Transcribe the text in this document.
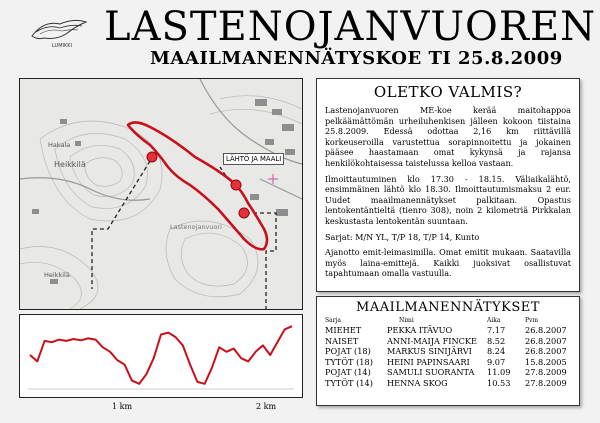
LUMIKKI LASTENOJANVUOREN
MAAILMANENNÄTYSKOE TI 25.8.2009
Hakala
Heikkilä
Lastenojanvuori
Heikkilä
LÄHTÖ JA MAALI
OLETKO VALMIS?

Lastenojanvuoren ME-koe kerää maitohappoa pelkäämättömän urheiluhenkisen jälleen kokoon tiistaina 25.8.2009. Edessä odottaa 2,16 km riittävillä korkeuseroilla varustettua sorapinnoitettu ja jokainen pääsee haastamaan omat kykynsä ja rajansa henkilökohtaisessa taistelussa kelloa vastaan.

Ilmoittautuminen klo 17.30 - 18.15. Väliaikalähtö, ensimmäinen lähtö klo 18.30. Ilmoittautumismaksu 2 eur. Uudet maailmanennätykset palkitaan. Opastus lentokentäntieltä (tienro 308), noin 2 kilometriä Pirkkalan keskustasta lentokentän suuntaan.

Sarjat: M/N YL, T/P 18, T/P 14, Kunto

Ajanotto emit-leimasimilla. Omat emitit mukaan. Saatavilla myös laina-emittejä. Kaikki juoksivat osallistuvat tapahtumaan omalla vastuulla.

1 km	2 km
MAAILMANENNÄTYKSET
Sarja	Nimi	Aika	Pvm
MIEHET	PEKKA ITÄVUO	7.17	26.8.2007
NAISET	ANNI-MAIJA FINCKE	8.52	26.8.2007
POJAT (18)	MARKUS SINIJÄRVI	8.24	26.8.2007
TYTÖT (18)	HEINI PAPINSAARI	9.07	15.8.2005
POJAT (14)	SAMULI SUORANTA	11.09	27.8.2009
TYTÖT (14)	HENNA SKOG	10.53	27.8.2009
